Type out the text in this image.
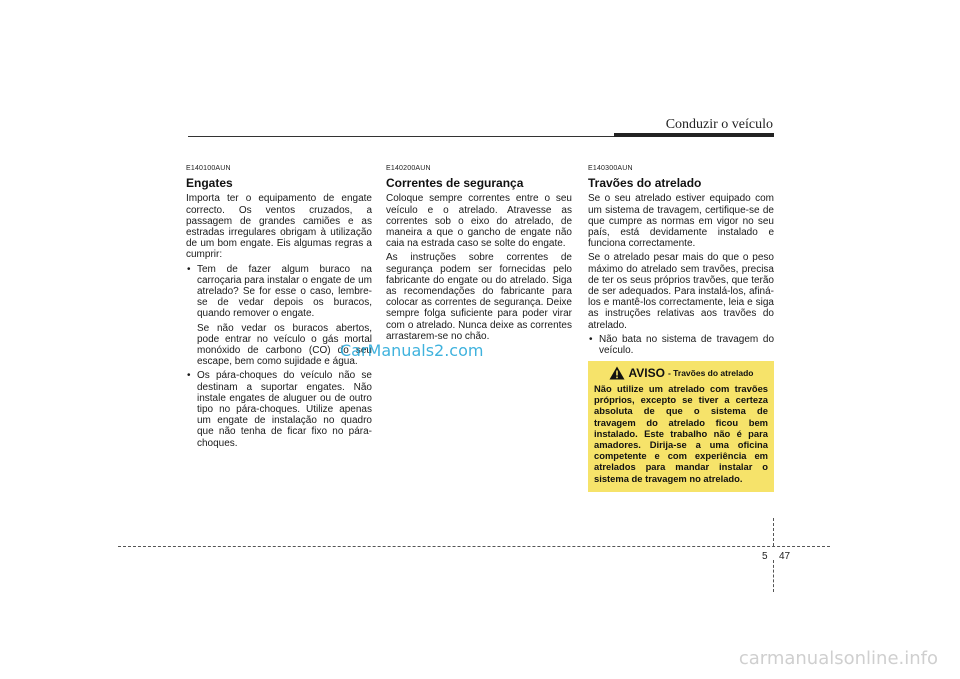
Conduzir o veículo
E140100AUN
Engates

Importa ter o equipamento de engate correcto. Os ventos cruzados, a passagem de grandes camiões e as estradas irregulares obrigam à utilização de um bom engate. Eis algumas regras a cumprir:

• Tem de fazer algum buraco na carroçaria para instalar o engate de um atrelado? Se for esse o caso, lembre-se de vedar depois os buracos, quando remover o engate.
Se não vedar os buracos abertos, pode entrar no veículo o gás mortal monóxido de carbono (CO) do seu escape, bem como sujidade e água.
• Os pára-choques do veículo não se destinam a suportar engates. Não instale engates de aluguer ou de outro tipo no pára-choques. Utilize apenas um engate de instalação no quadro que não tenha de ficar fixo no pára-choques.
E140200AUN
Correntes de segurança

Coloque sempre correntes entre o seu veículo e o atrelado. Atravesse as correntes sob o eixo do atrelado, de maneira a que o gancho de engate não caia na estrada caso se solte do engate.

As instruções sobre correntes de segurança podem ser fornecidas pelo fabricante do engate ou do atrelado. Siga as recomendações do fabricante para colocar as correntes de segurança. Deixe sempre folga suficiente para poder virar com o atrelado. Nunca deixe as correntes arrastarem-se no chão.

E140300AUN
Travões do atrelado

Se o seu atrelado estiver equipado com um sistema de travagem, certifique-se de que cumpre as normas em vigor no seu país, está devidamente instalado e funciona correctamente.

Se o atrelado pesar mais do que o peso máximo do atrelado sem travões, precisa de ter os seus próprios travões, que terão de ser adequados. Para instalá-los, afiná-los e mantê-los correctamente, leia e siga as instruções relativas aos travões do atrelado.

• Não bata no sistema de travagem do veículo.
AVISO - Travões do atrelado
Não utilize um atrelado com travões próprios, excepto se tiver a certeza absoluta de que o sistema de travagem do atrelado ficou bem instalado. Este trabalho não é para amadores. Dirija-se a uma oficina competente e com experiência em atrelados para mandar instalar o sistema de travagem no atrelado.
CarManuals2.com
5 47
carmanualsonline.info
